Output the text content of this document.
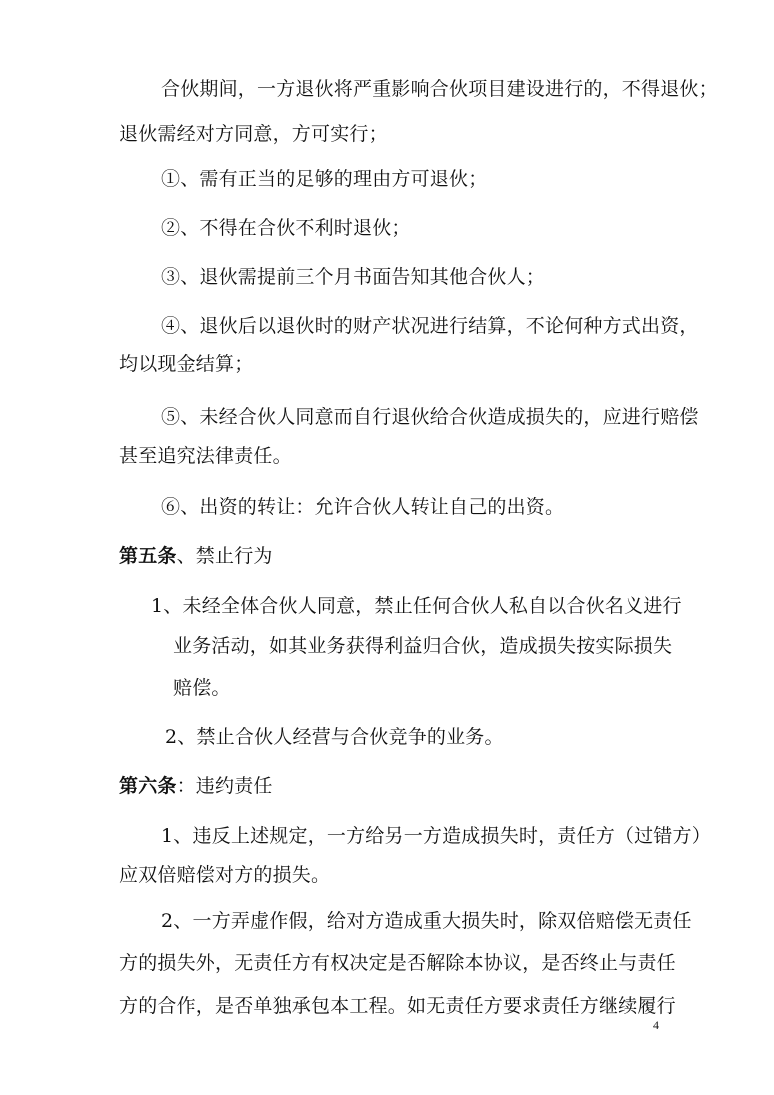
合伙期间，一方退伙将严重影响合伙项目建设进行的，不得退伙；
退伙需经对方同意，方可实行；
①、需有正当的足够的理由方可退伙；
②、不得在合伙不利时退伙；
③、退伙需提前三个月书面告知其他合伙人；
④、退伙后以退伙时的财产状况进行结算，不论何种方式出资，
均以现金结算；
⑤、未经合伙人同意而自行退伙给合伙造成损失的，应进行赔偿
甚至追究法律责任。
⑥、出资的转让：允许合伙人转让自己的出资。
第五条、禁止行为
1、未经全体合伙人同意，禁止任何合伙人私自以合伙名义进行
业务活动，如其业务获得利益归合伙，造成损失按实际损失
赔偿。
2、禁止合伙人经营与合伙竞争的业务。
第六条：违约责任
1、违反上述规定，一方给另一方造成损失时，责任方（过错方）
应双倍赔偿对方的损失。
2、一方弄虚作假，给对方造成重大损失时，除双倍赔偿无责任
方的损失外，无责任方有权决定是否解除本协议，是否终止与责任
方的合作，是否单独承包本工程。如无责任方要求责任方继续履行
4
